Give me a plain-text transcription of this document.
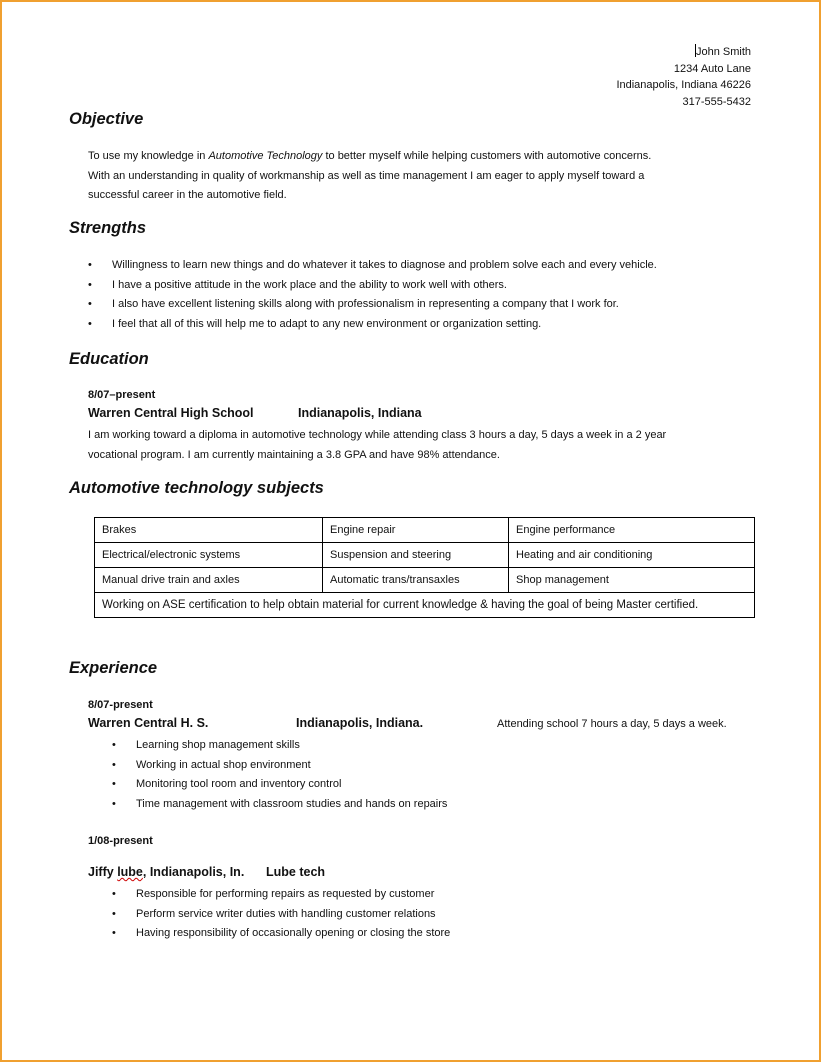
John Smith
1234 Auto Lane
Indianapolis, Indiana 46226
317-555-5432
Objective
To use my knowledge in Automotive Technology to better myself while helping customers with automotive concerns.
With an understanding in quality of workmanship as well as time management I am eager to apply myself toward a
successful career in the automotive field.
Strengths
• Willingness to learn new things and do whatever it takes to diagnose and problem solve each and every vehicle.
• I have a positive attitude in the work place and the ability to work well with others.
• I also have excellent listening skills along with professionalism in representing a company that I work for.
• I feel that all of this will help me to adapt to any new environment or organization setting.
Education
8/07–present
Warren Central High School	Indianapolis, Indiana
I am working toward a diploma in automotive technology while attending class 3 hours a day, 5 days a week in a 2 year
vocational program. I am currently maintaining a 3.8 GPA and have 98% attendance.
Automotive technology subjects
Brakes	Engine repair	Engine performance
Electrical/electronic systems	Suspension and steering	Heating and air conditioning
Manual drive train and axles	Automatic trans/transaxles	Shop management
Working on ASE certification to help obtain material for current knowledge & having the goal of being Master certified.		
Experience
8/07-present
Warren Central H. S.	Indianapolis, Indiana.	Attending school 7 hours a day, 5 days a week.
• Learning shop management skills
• Working in actual shop environment
• Monitoring tool room and inventory control
• Time management with classroom studies and hands on repairs
1/08-present
Jiffy lube, Indianapolis, In. Lube tech
• Responsible for performing repairs as requested by customer
• Perform service writer duties with handling customer relations
• Having responsibility of occasionally opening or closing the store
